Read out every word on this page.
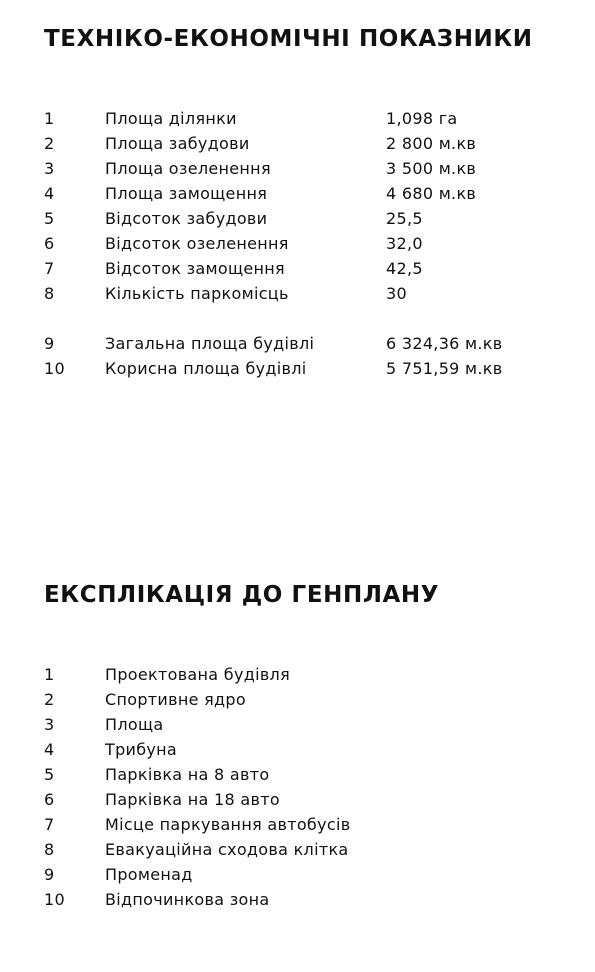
ТЕХНІКО-ЕКОНОМІЧНІ ПОКАЗНИКИ
1	Площа ділянки	1,098 га
2	Площа забудови	2 800 м.кв
3	Площа озеленення	3 500 м.кв
4	Площа замощення	4 680 м.кв
5	Відсоток забудови	25,5
6	Відсоток озеленення	32,0
7	Відсоток замощення	42,5
8	Кількість паркомісць	30
9	Загальна площа будівлі	6 324,36 м.кв
10	Корисна площа будівлі	5 751,59 м.кв
ЕКСПЛІКАЦІЯ ДО ГЕНПЛАНУ
1	Проектована будівля
2	Спортивне ядро
3	Площа
4	Трибуна
5	Парківка на 8 авто
6	Парківка на 18 авто
7	Місце паркування автобусів
8	Евакуаційна сходова клітка
9	Променад
10	Відпочинкова зона
